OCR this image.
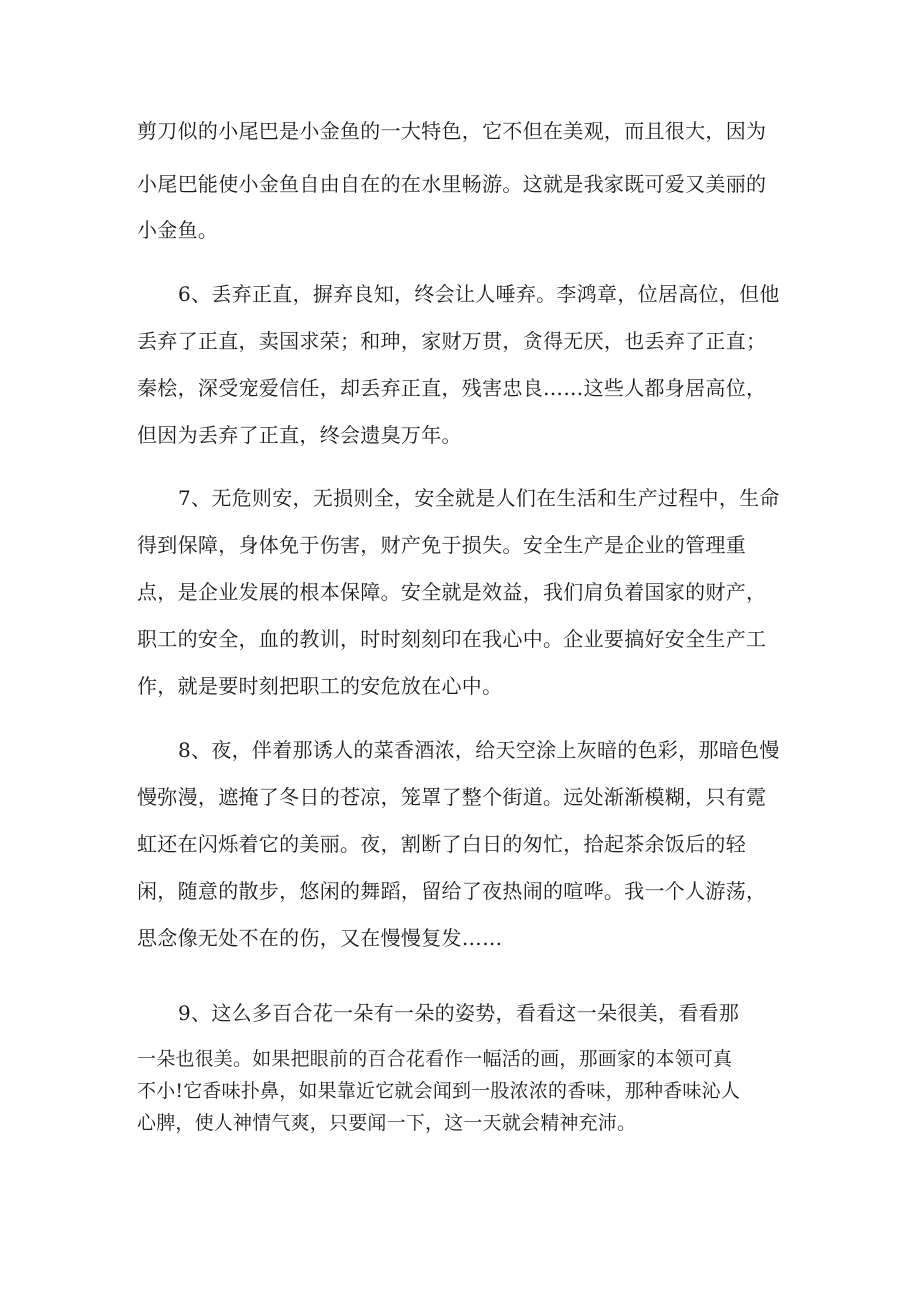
剪刀似的小尾巴是小金鱼的一大特色，它不但在美观，而且很大，因为
小尾巴能使小金鱼自由自在的在水里畅游。这就是我家既可爱又美丽的
小金鱼。
6、丢弃正直，摒弃良知，终会让人唾弃。李鸿章，位居高位，但他
丢弃了正直，卖国求荣；和珅，家财万贯，贪得无厌，也丢弃了正直；
秦桧，深受宠爱信任，却丢弃正直，残害忠良……这些人都身居高位，
但因为丢弃了正直，终会遗臭万年。
7、无危则安，无损则全，安全就是人们在生活和生产过程中，生命
得到保障，身体免于伤害，财产免于损失。安全生产是企业的管理重
点，是企业发展的根本保障。安全就是效益，我们肩负着国家的财产，
职工的安全，血的教训，时时刻刻印在我心中。企业要搞好安全生产工
作，就是要时刻把职工的安危放在心中。
8、夜，伴着那诱人的菜香酒浓，给天空涂上灰暗的色彩，那暗色慢
慢弥漫，遮掩了冬日的苍凉，笼罩了整个街道。远处渐渐模糊，只有霓
虹还在闪烁着它的美丽。夜，割断了白日的匆忙，拾起茶余饭后的轻
闲，随意的散步，悠闲的舞蹈，留给了夜热闹的喧哗。我一个人游荡，
思念像无处不在的伤，又在慢慢复发……
9、这么多百合花一朵有一朵的姿势，看看这一朵很美，看看那
一朵也很美。如果把眼前的百合花看作一幅活的画，那画家的本领可真
不小!它香味扑鼻，如果靠近它就会闻到一股浓浓的香味，那种香味沁人
心脾，使人神情气爽，只要闻一下，这一天就会精神充沛。
